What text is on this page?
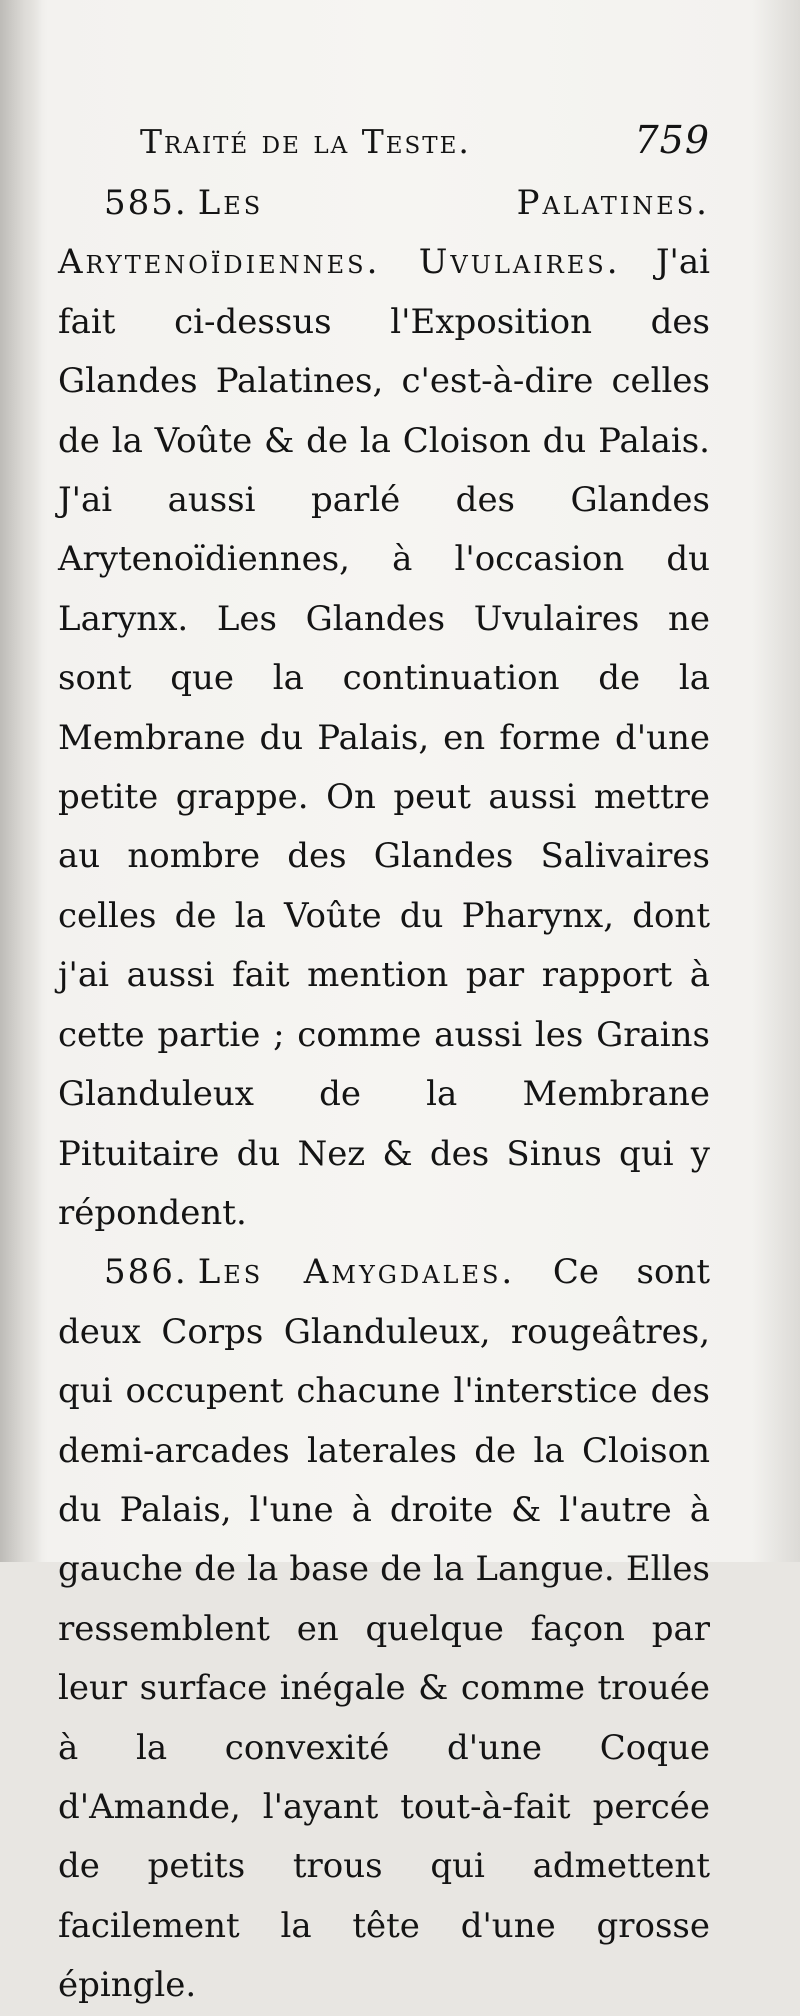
Traité de la Teste.	759

585. Les Palatines. Arytenoïdiennes. Uvulaires. J'ai fait ci-dessus l'Exposition des Glandes Palatines, c'est-à-dire celles de la Voûte & de la Cloison du Palais. J'ai aussi parlé des Glandes Arytenoïdiennes, à l'occasion du Larynx. Les Glandes Uvulaires ne sont que la continuation de la Membrane du Palais, en forme d'une petite grappe. On peut aussi mettre au nombre des Glandes Salivaires celles de la Voûte du Pharynx, dont j'ai aussi fait mention par rapport à cette partie ; comme aussi les Grains Glanduleux de la Membrane Pituitaire du Nez & des Sinus qui y répondent.

586. Les Amygdales. Ce sont deux Corps Glanduleux, rougeâtres, qui occupent chacune l'interstice des demi-arcades laterales de la Cloison du Palais, l'une à droite & l'autre à gauche de la base de la Langue. Elles ressemblent en quelque façon par leur surface inégale & comme trouée à la convexité d'une Coque d'Amande, l'ayant tout-à-fait percée de petits trous qui admettent facilement la tête d'une grosse épingle.
